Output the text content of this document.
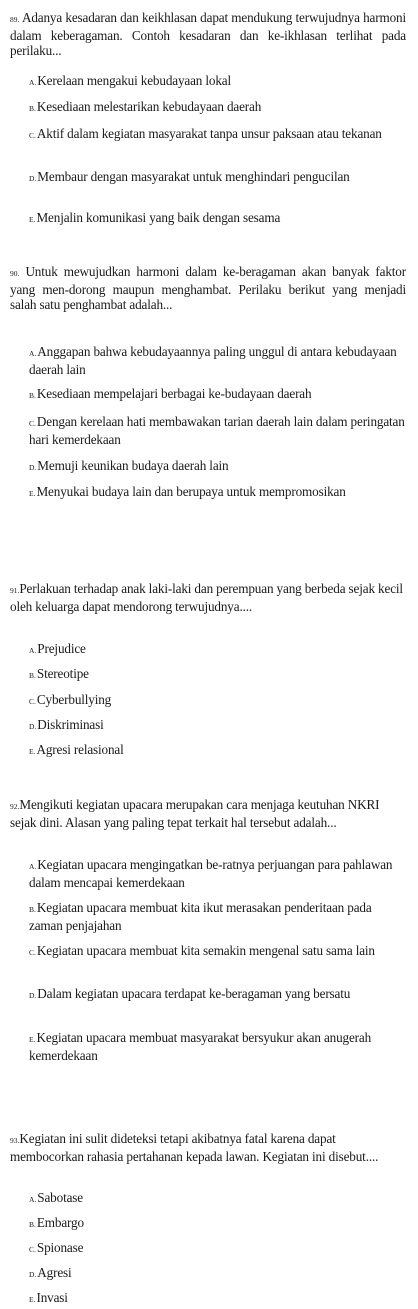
89. Adanya kesadaran dan keikhlasan dapat mendukung terwujudnya harmoni dalam keberagaman. Contoh kesadaran dan ke-ikhlasan terlihat pada perilaku...
A.Kerelaan mengakui kebudayaan lokal
B.Kesediaan melestarikan kebudayaan daerah
C.Aktif dalam kegiatan masyarakat tanpa unsur paksaan atau tekanan
D.Membaur dengan masyarakat untuk menghindari pengucilan
E.Menjalin komunikasi yang baik dengan sesama
90. Untuk mewujudkan harmoni dalam ke-beragaman akan banyak faktor yang men-dorong maupun menghambat. Perilaku berikut yang menjadi salah satu penghambat adalah...
A.Anggapan bahwa kebudayaannya paling unggul di antara kebudayaan daerah lain
B.Kesediaan mempelajari berbagai ke-budayaan daerah
C.Dengan kerelaan hati membawakan tarian daerah lain dalam peringatan hari kemerdekaan
D.Memuji keunikan budaya daerah lain
E.Menyukai budaya lain dan berupaya untuk mempromosikan
91.Perlakuan terhadap anak laki-laki dan perempuan yang berbeda sejak kecil oleh keluarga dapat mendorong terwujudnya....
A.Prejudice
B.Stereotipe
C.Cyberbullying
D.Diskriminasi
E.Agresi relasional
92.Mengikuti kegiatan upacara merupakan cara menjaga keutuhan NKRI sejak dini. Alasan yang paling tepat terkait hal tersebut adalah...
A.Kegiatan upacara mengingatkan be-ratnya perjuangan para pahlawan dalam mencapai kemerdekaan
B.Kegiatan upacara membuat kita ikut merasakan penderitaan pada zaman penjajahan
C.Kegiatan upacara membuat kita semakin mengenal satu sama lain
D.Dalam kegiatan upacara terdapat ke-beragaman yang bersatu
E.Kegiatan upacara membuat masyarakat bersyukur akan anugerah kemerdekaan
93.Kegiatan ini sulit dideteksi tetapi akibatnya fatal karena dapat membocorkan rahasia pertahanan kepada lawan. Kegiatan ini disebut....
A.Sabotase
B.Embargo
C.Spionase
D.Agresi
E.Invasi
